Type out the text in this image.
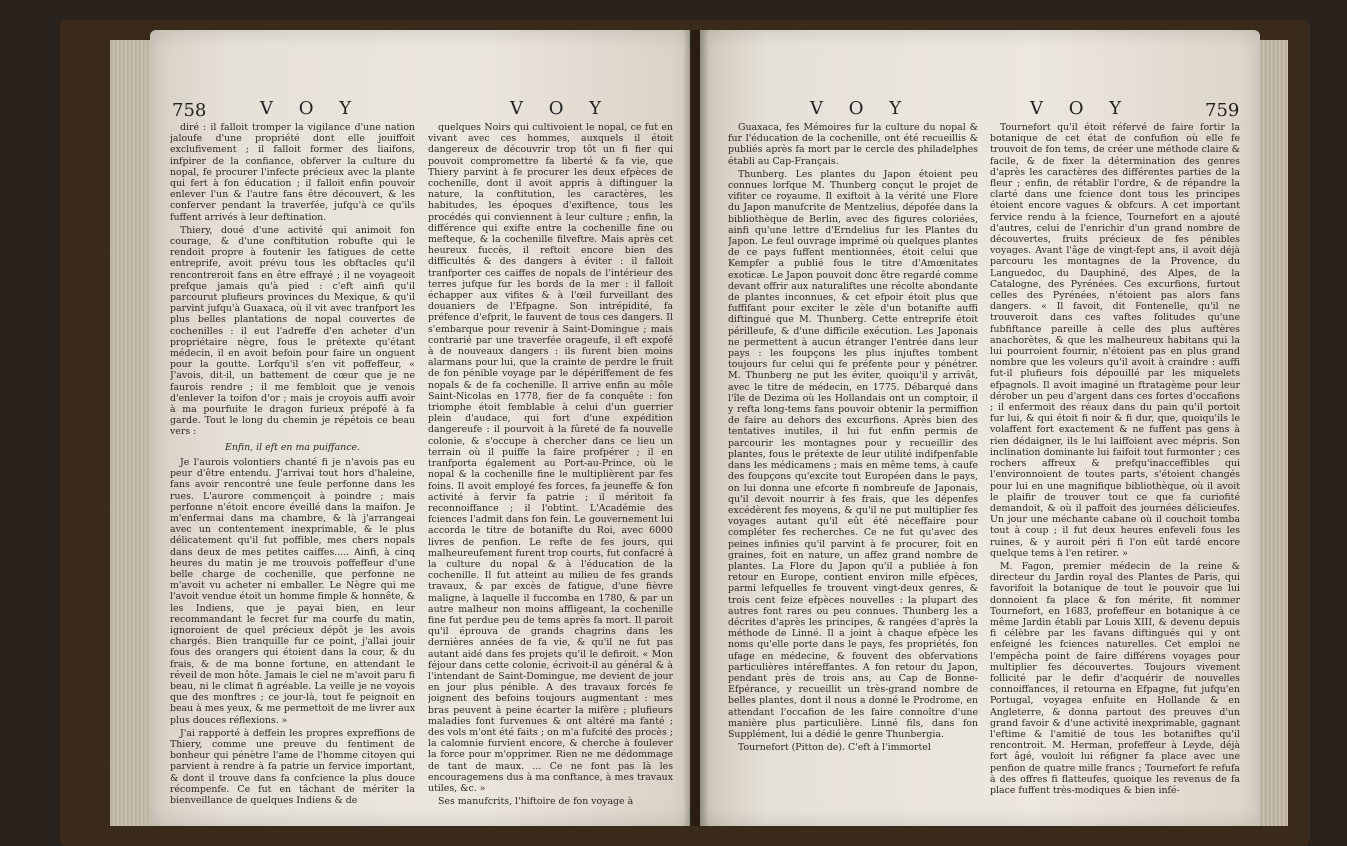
758	V O Y	V O Y

diré : il falloit tromper la vigilance d'une nation jaloufe d'une propriété dont elle jouiffoit exclufivement ; il falloit former des liaifons, infpirer de la confiance, obferver la culture du nopal, fe procurer l'infecte précieux avec la plante qui fert à fon éducation ; il falloit enfin pouvoir enlever l'un & l'autre fans être découvert, & les conferver pendant la traverfée, jufqu'à ce qu'ils fuffent arrivés à leur deftination.

Thiery, doué d'une activité qui animoit fon courage, & d'une conftitution robufte qui le rendoit propre à foutenir les fatigues de cette entreprife, avoit prévu tous les obftacles qu'il rencontreroit fans en être effrayé ; il ne voyageoit prefque jamais qu'à pied : c'eft ainfi qu'il parcourut plufieurs provinces du Mexique, & qu'il parvint jufqu'à Guaxaca, où il vit avec tranfport les plus belles plantations de nopal couvertes de cochenilles : il eut l'adreffe d'en acheter d'un propriétaire nègre, fous le prétexte qu'étant médecin, il en avoit befoin pour faire un onguent pour la goutte. Lorfqu'il s'en vit poffeffeur, « J'avois, dit-il, un battement de cœur que je ne faurois rendre ; il me fembloit que je venois d'enlever la toifon d'or ; mais je croyois auffi avoir à ma pourfuite le dragon furieux prépofé à fa garde. Tout le long du chemin je répétois ce beau vers :

Enfin, il eft en ma puiffance.

Je l'aurois volontiers chanté fi je n'avois pas eu peur d'être entendu. J'arrivai tout hors d'haleine, fans avoir rencontré une feule perfonne dans les rues. L'aurore commençoit à poindre ; mais perfonne n'étoit encore éveillé dans la maifon. Je m'enfermai dans ma chambre, & là j'arrangeai avec un contentement inexprimable, & le plus délicatement qu'il fut poffible, mes chers nopals dans deux de mes petites caiffes..... Ainfi, à cinq heures du matin je me trouvois poffeffeur d'une belle charge de cochenille, que perfonne ne m'avoit vu acheter ni emballer. Le Nègre qui me l'avoit vendue étoit un homme fimple & honnête, & les Indiens, que je payai bien, en leur recommandant le fecret fur ma courfe du matin, ignoroient de quel précieux dépôt je les avois chargés. Bien tranquille fur ce point, j'allai jouir fous des orangers qui étoient dans la cour, & du frais, & de ma bonne fortune, en attendant le réveil de mon hôte. Jamais le ciel ne m'avoit paru fi beau, ni le climat fi agréable. La veille je ne voyois que des monftres ; ce jour-là, tout fe peignoit en beau à mes yeux, & me permettoit de me livrer aux plus douces réflexions. »

J'ai rapporté à deffein les propres expreffions de Thiery, comme une preuve du fentiment de bonheur qui pénètre l'ame de l'homme citoyen qui parvient à rendre à fa patrie un fervice important, & dont il trouve dans fa confcience la plus douce récompenfe. Ce fut en tâchant de mériter la bienveillance de quelques Indiens & de

quelques Noirs qui cultivoient le nopal, ce fut en vivant avec ces hommes, auxquels il étoit dangereux de découvrir trop tôt un fi fier qui pouvoit compromettre fa liberté & fa vie, que Thiery parvint à fe procurer les deux efpèces de cochenille, dont il avoit appris à diftinguer la nature, la conftitution, les caractères, les habitudes, les époques d'exiftence, tous les procédés qui conviennent à leur culture ; enfin, la différence qui exifte entre la cochenille fine ou mefteque, & la cochenille filveftre. Mais après cet heureux fuccès, il reftoit encore bien des difficultés & des dangers à éviter : il falloit tranfporter ces caiffes de nopals de l'intérieur des terres jufque fur les bords de la mer : il falloit échapper aux vifites & à l'œil furveillant des douaniers de l'Efpagne. Son intrépidité, fa préfence d'efprit, le fauvent de tous ces dangers. Il s'embarque pour revenir à Saint-Domingue ; mais contrarié par une traverfée orageufe, il eft expofé à de nouveaux dangers : ils furent bien moins alarmans pour lui, que la crainte de perdre le fruit de fon pénible voyage par le dépériffement de fes nopals & de fa cochenille. Il arrive enfin au môle Saint-Nicolas en 1778, fier de fa conquête : fon triomphe étoit femblable à celui d'un guerrier plein d'audace, qui fort d'une expédition dangereufe : il pourvoit à la fûreté de fa nouvelle colonie, & s'occupe à chercher dans ce lieu un terrain où il puiffe la faire profpérer ; il en tranfporta également au Port-au-Prince, où le nopal & la cochenille fine le multiplièrent par fes foins. Il avoit employé fes forces, fa jeuneffe & fon activité à fervir fa patrie ; il méritoit fa reconnoiffance ; il l'obtint. L'Académie des fciences l'admit dans fon fein. Le gouvernement lui accorda le titre de botanifte du Roi, avec 6000 livres de penfion. Le refte de fes jours, qui malheureufement furent trop courts, fut confacré à la culture du nopal & à l'éducation de la cochenille. Il fut atteint au milieu de fes grands travaux, & par excès de fatigue, d'une fièvre maligne, à laquelle il fuccomba en 1780, & par un autre malheur non moins affligeant, la cochenille fine fut perdue peu de tems après fa mort. Il paroit qu'il éprouva de grands chagrins dans les dernières années de fa vie, & qu'il ne fut pas autant aidé dans fes projets qu'il le defiroit. « Mon féjour dans cette colonie, écrivoit-il au général & à l'intendant de Saint-Domingue, me devient de jour en jour plus pénible. A des travaux forcés fe joignent des befoins toujours augmentant : mes bras peuvent à peine écarter la mifère ; plufieurs maladies font furvenues & ont altéré ma fanté ; des vols m'ont été faits ; on m'a fufcité des procès ; la calomnie furvient encore, & cherche à foulever la force pour m'opprimer. Rien ne me dédommage de tant de maux. ... Ce ne font pas là les encouragemens dus à ma conftance, à mes travaux utiles, &c. »

Ses manufcrits, l'hiftoire de fon voyage à

V O Y	V O Y	759

Guaxaca, fes Mémoires fur la culture du nopal & fur l'éducation de la cochenille, ont été recueillis & publiés après fa mort par le cercle des philadelphes établi au Cap-Français.

Thunberg. Les plantes du Japon étoient peu connues lorfque M. Thunberg conçut le projet de vifiter ce royaume. Il exiftoit à la vérité une Flore du Japon manufcrite de Mentzelius, dépofée dans la bibliothèque de Berlin, avec des figures coloriées, ainfi qu'une lettre d'Erndelius fur les Plantes du Japon. Le feul ouvrage imprimé où quelques plantes de ce pays fuffent mentionnées, étoit celui que Kempfer a publié fous le titre d'Amœnitates exoticæ. Le Japon pouvoit donc être regardé comme devant offrir aux naturaliftes une récolte abondante de plantes inconnues, & cet efpoir étoit plus que fuffifant pour exciter le zèle d'un botanifte auffi diftingué que M. Thunberg. Cette entreprife étoit périlleufe, & d'une difficile exécution. Les Japonais ne permettent à aucun étranger l'entrée dans leur pays : les foupçons les plus injuftes tombent toujours fur celui qui fe préfente pour y pénétrer. M. Thunberg ne put les éviter, quoiqu'il y arrivât, avec le titre de médecin, en 1775. Débarqué dans l'île de Dezima où les Hollandais ont un comptoir, il y refta long-tems fans pouvoir obtenir la permiffion de faire au dehors des excurfions. Après bien des tentatives inutiles, il lui fut enfin permis de parcourir les montagnes pour y recueillir des plantes, fous le prétexte de leur utilité indifpenfable dans les médicamens ; mais en même tems, à caufe des foupçons qu'excite tout Européen dans le pays, on lui donna une efcorte fi nombreufe de Japonais, qu'il devoit nourrir à fes frais, que les dépenfes excédèrent fes moyens, & qu'il ne put multiplier fes voyages autant qu'il eût été néceffaire pour compléter fes recherches. Ce ne fut qu'avec des peines infinies qu'il parvint à fe procurer, foit en graines, foit en nature, un affez grand nombre de plantes. La Flore du Japon qu'il a publiée à fon retour en Europe, contient environ mille efpèces, parmi lefquelles fe trouvent vingt-deux genres, & trois cent feize efpèces nouvelles : la plupart des autres font rares ou peu connues. Thunberg les a décrites d'après les principes, & rangées d'après la méthode de Linné. Il a joint à chaque efpèce les noms qu'elle porte dans le pays, fes propriétés, fon ufage en médecine, & fouvent des obfervations particulières intéreffantes. A fon retour du Japon, pendant près de trois ans, au Cap de Bonne-Efpérance, y recueillit un très-grand nombre de belles plantes, dont il nous a donné le Prodrome, en attendant l'occafion de les faire connoître d'une manière plus particulière. Linné fils, dans fon Supplément, lui a dédié le genre Thunbergia.

Tournefort (Pitton de). C'eft à l'immortel

Tournefort qu'il étoit réfervé de faire fortir la botanique de cet état de confufion où elle fe trouvoit de fon tems, de créer une méthode claire & facile, & de fixer la détermination des genres d'après les caractères des différentes parties de la fleur ; enfin, de rétablir l'ordre, & de répandre la clarté dans une fcience dont tous les principes étoient encore vagues & obfcurs. A cet important fervice rendu à la fcience, Tournefort en a ajouté d'autres, celui de l'enrichir d'un grand nombre de découvertes, fruits précieux de fes pénibles voyages. Avant l'âge de vingt-fept ans, il avoit déjà parcouru les montagnes de la Provence, du Languedoc, du Dauphiné, des Alpes, de la Catalogne, des Pyrénées. Ces excurfions, furtout celles des Pyrénées, n'étoient pas alors fans dangers. « Il favoit, dit Fontenelle, qu'il ne trouveroit dans ces vaftes folitudes qu'une fubfiftance pareille à celle des plus auftères anachorètes, & que les malheureux habitans qui la lui pourroient fournir, n'étoient pas en plus grand nombre que les voleurs qu'il avoit à craindre : auffi fut-il plufieurs fois dépouillé par les miquelets efpagnols. Il avoit imaginé un ftratagème pour leur dérober un peu d'argent dans ces fortes d'occafions ; il enfermoit des réaux dans du pain qu'il portoit fur lui, & qui étoit fi noir & fi dur, que, quoiqu'ils le volaffent fort exactement & ne fuffent pas gens à rien dédaigner, ils le lui laiffoient avec mépris. Son inclination dominante lui faifoit tout furmonter ; ces rochers affreux & prefqu'inacceffibles qui l'environnoient de toutes parts, s'étoient changés pour lui en une magnifique bibliothèque, où il avoit le plaifir de trouver tout ce que fa curiofité demandoit, & où il paffoit des journées délicieufes. Un jour une méchante cabane où il couchoit tomba tout à coup ; il fut deux heures enfeveli fous les ruines, & y auroit péri fi l'on eût tardé encore quelque tems à l'en retirer. »

M. Fagon, premier médecin de la reine & directeur du Jardin royal des Plantes de Paris, qui favorifoit la botanique de tout le pouvoir que lui donnoient fa place & fon mérite, fit nommer Tournefort, en 1683, profeffeur en botanique à ce même Jardin établi par Louis XIII, & devenu depuis fi célèbre par les favans diftingués qui y ont enfeigné les fciences naturelles. Cet emploi ne l'empêcha point de faire différens voyages pour multiplier fes découvertes. Toujours vivement follicité par le defir d'acquérir de nouvelles connoiffances, il retourna en Efpagne, fut jufqu'en Portugal, voyagea enfuite en Hollande & en Angleterre, & donna partout des preuves d'un grand favoir & d'une activité inexprimable, gagnant l'eftime & l'amitié de tous les botaniftes qu'il rencontroit. M. Herman, profeffeur à Leyde, déjà fort âgé, vouloit lui réfigner fa place avec une penfion de quatre mille francs ; Tournefort fe refufa à des offres fi flatteufes, quoique les revenus de fa place fuffent très-modiques & bien infé-
